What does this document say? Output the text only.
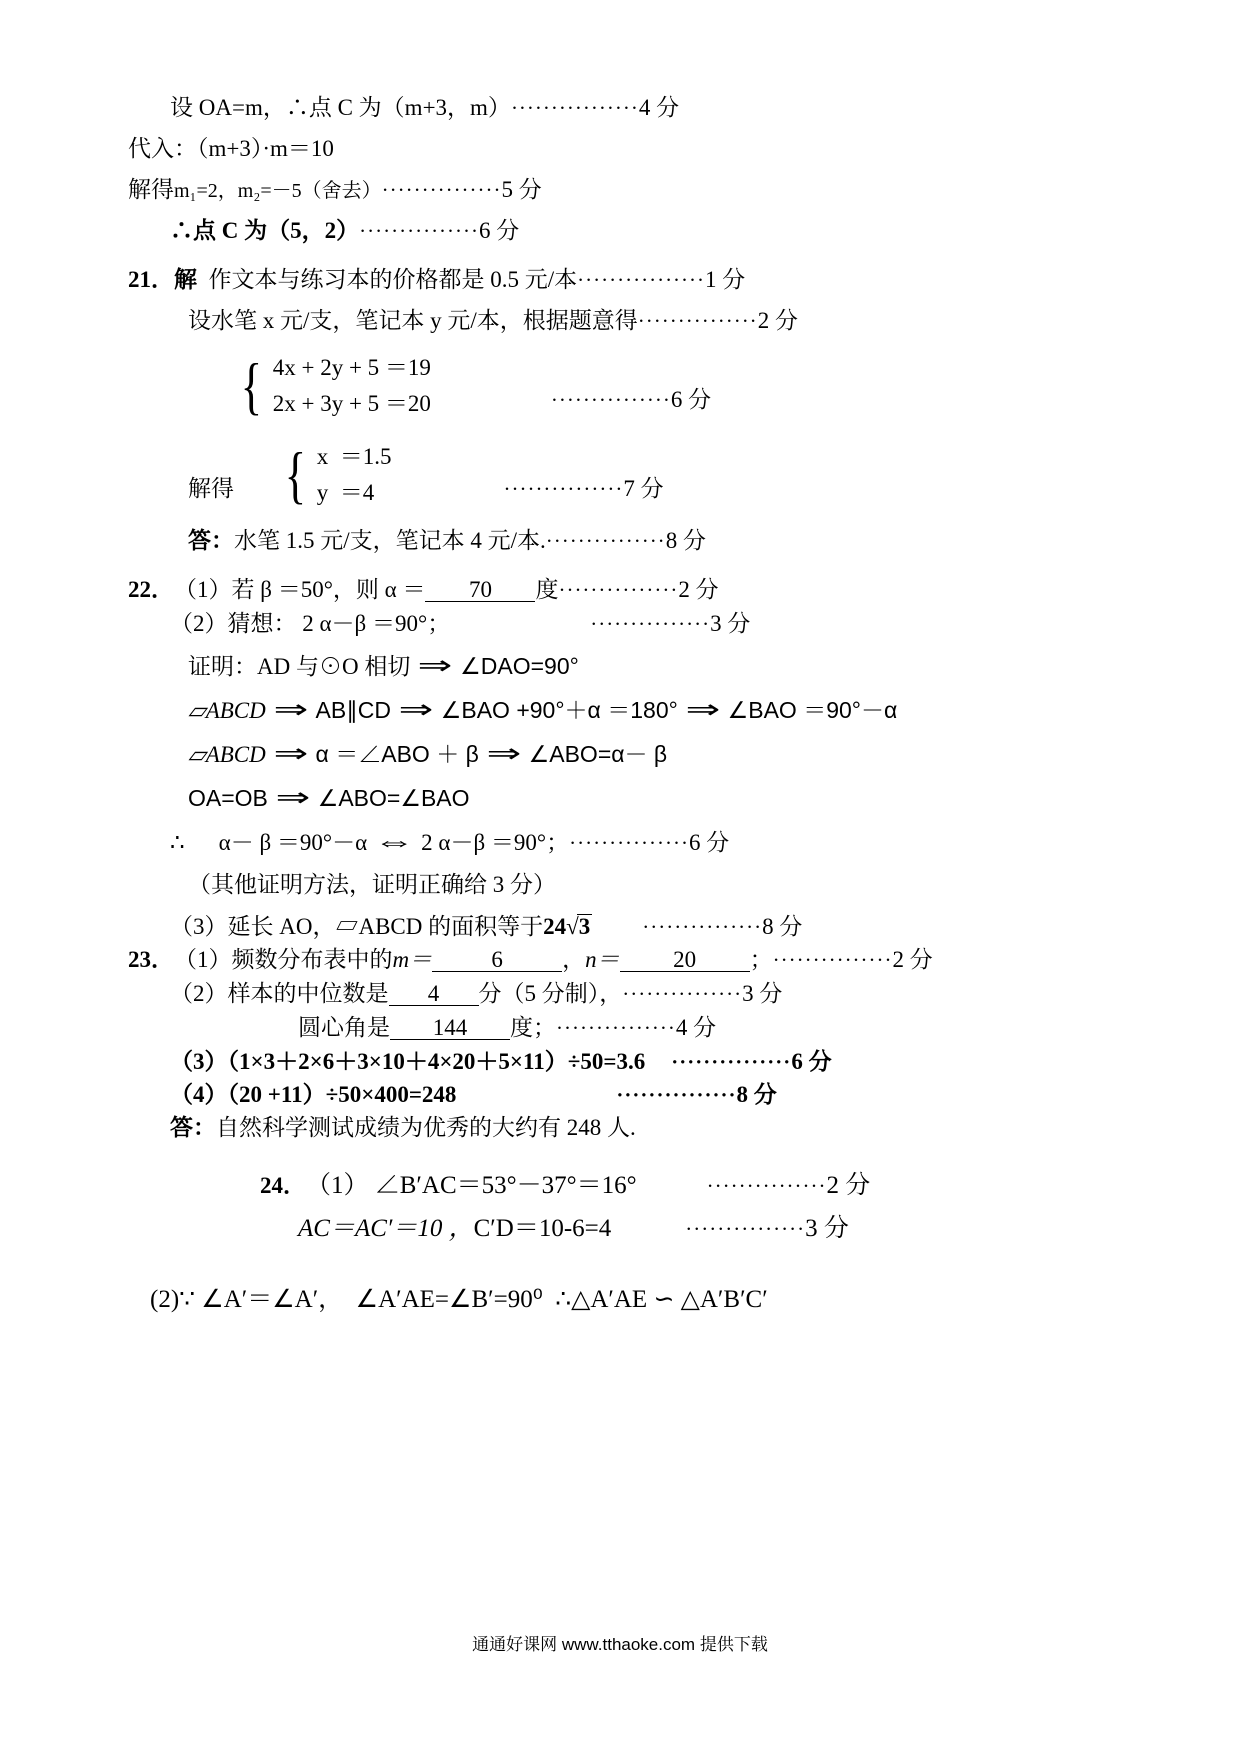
设 OA=m， ∴点 C 为（m+3，m） ················ 4 分
代入：（m+3）·m＝10
解得 m₁=2，m₂=－5（舍去） ··············· 5 分
∴点 C 为（5，2） ··············· 6 分
21． 解
作文本与练习本的价格都是 0.5 元/本 ················ 1 分
设水笔 x 元/支，笔记本 y 元/本，根据题意得 ··············· 2 分
{ 4x + 2y + 5 ＝19
2x + 3y + 5 ＝20	··············· 6 分
解得 { x  ＝1.5
y  ＝4	··············· 7 分
答： 水笔 1.5 元/支，笔记本 4 元/本. ··············· 8 分
22． （1）若 β ＝50°，则 α ＝	70	度 ··············· 2 分
（2）猜想： 2 α－β ＝90°；	··············· 3 分
证明：AD 与⊙O 相切 ⇒ ∠DAO=90°
▱ABCD ⇒ AB∥CD ⇒ ∠BAO +90°＋α ＝180° ⇒ ∠BAO ＝90°－α
▱ABCD ⇒ α ＝∠ABO ＋ β ⇒ ∠ABO=α－ β
OA=OB ⇒ ∠ABO=∠BAO
∴ α－ β ＝90°－α ⇔ 2 α－β ＝90°； ··············· 6 分
（其他证明方法，证明正确给 3 分）
（3）延长 AO，▱ABCD 的面积等于 24 √ 3 ··············· 8 分
23． （1）频数分布表中的 m＝	6	， n＝	20	； ··············· 2 分
（2）样本的中位数是	4	分（5 分制）， ··············· 3 分
圆心角是	144	度； ··············· 4 分
（3）（1×3＋2×6＋3×10＋4×20＋5×11）÷50=3.6 ··············· 6 分
（4）（20 +11）÷50×400=248	··············· 8 分
答： 自然科学测试成绩为优秀的大约有 248 人.
24． （1） ∠B′AC＝53°－37°＝16°	··············· 2 分
AC＝AC′＝10 ， C′D＝10-6=4	··············· 3 分
(2)∵ ∠A′＝∠A′，  ∠A′AE=∠B′=90⁰  ∴△A′AE ∽ △A′B′C′
通通好课网 www.tthaoke.com 提供下载
